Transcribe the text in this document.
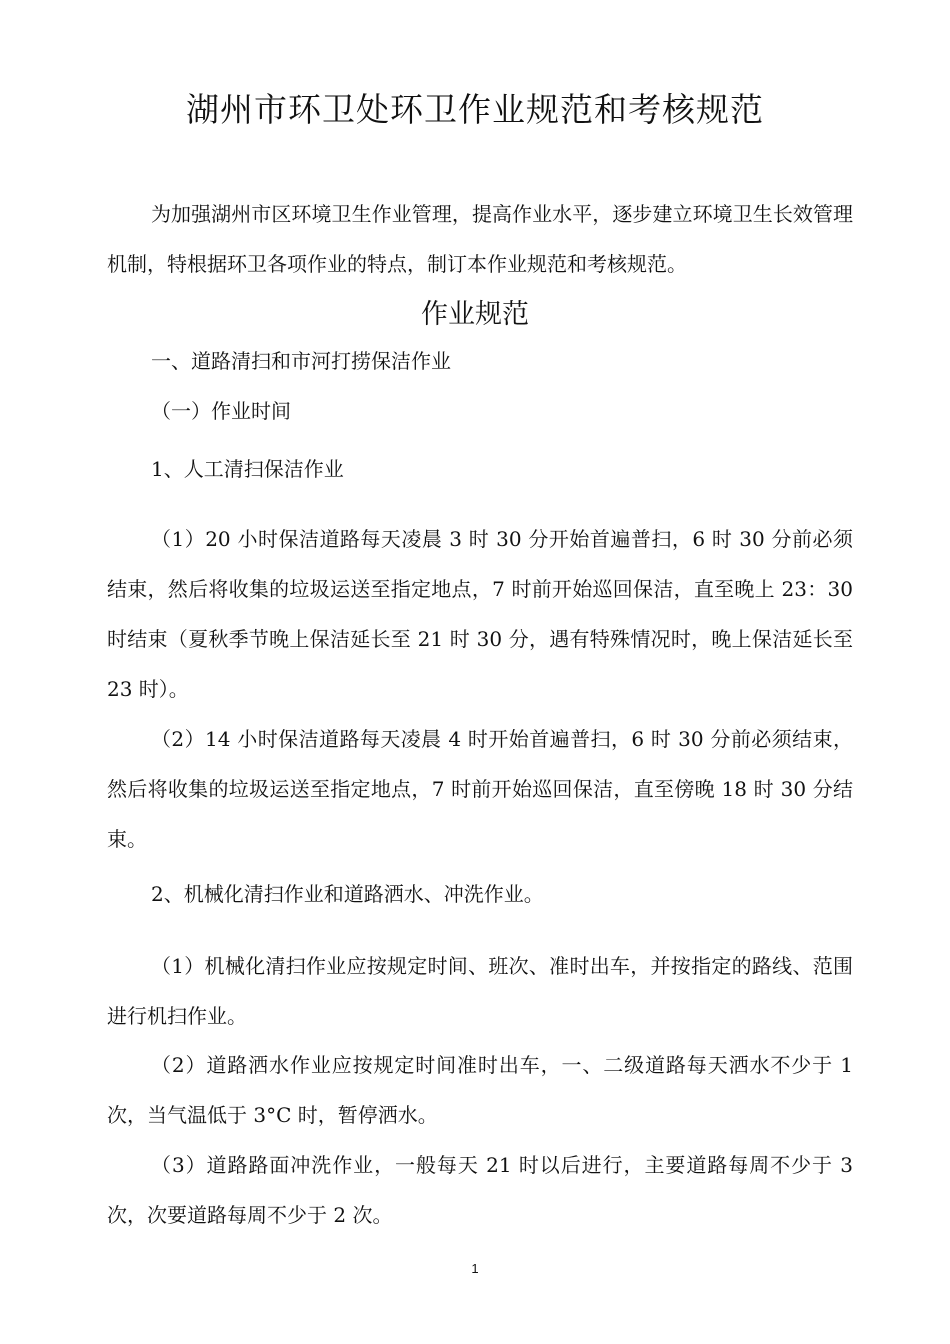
湖州市环卫处环卫作业规范和考核规范
为加强湖州市区环境卫生作业管理，提高作业水平，逐步建立环境卫生长效管理机制，特根据环卫各项作业的特点，制订本作业规范和考核规范。
作业规范
一、道路清扫和市河打捞保洁作业
（一）作业时间
1、人工清扫保洁作业
（1）20 小时保洁道路每天凌晨 3 时 30 分开始首遍普扫，6 时 30 分前必须结束，然后将收集的垃圾运送至指定地点，7 时前开始巡回保洁，直至晚上 23：30 时结束（夏秋季节晚上保洁延长至 21 时 30 分，遇有特殊情况时，晚上保洁延长至 23 时）。
（2）14 小时保洁道路每天凌晨 4 时开始首遍普扫，6 时 30 分前必须结束，然后将收集的垃圾运送至指定地点，7 时前开始巡回保洁，直至傍晚 18 时 30 分结束。
2、机械化清扫作业和道路洒水、冲洗作业。
（1）机械化清扫作业应按规定时间、班次、准时出车，并按指定的路线、范围进行机扫作业。
（2）道路洒水作业应按规定时间准时出车，一、二级道路每天洒水不少于 1 次，当气温低于 3°C 时，暂停洒水。
（3）道路路面冲洗作业，一般每天 21 时以后进行，主要道路每周不少于 3 次，次要道路每周不少于 2 次。
1
